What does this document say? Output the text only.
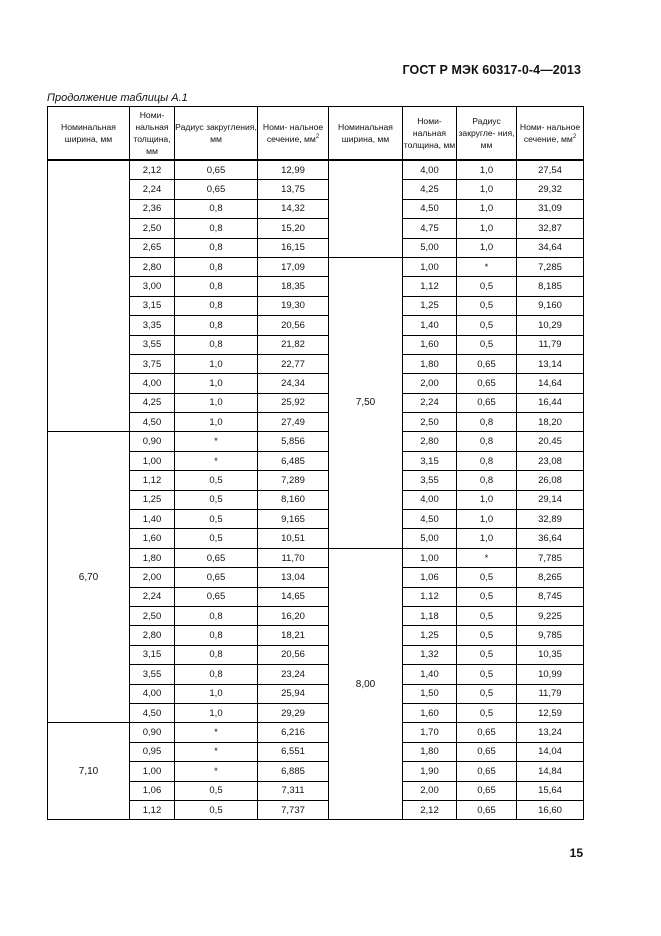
ГОСТ Р МЭК 60317-0-4—2013
Продолжение таблицы А.1
Номинальная ширина, мм	Номи- нальная толщина, мм	Радиус закругления, мм	Номи- нальное сечение, $мм^2$	Номинальная ширина, мм	Номи- нальная толщина, мм	Радиус закругле- ния, мм	Номи- нальное сечение, $мм^2$
	2,12	0,65	12,99		4,00	1,0	27,54
	2,24	0,65	13,75		4,25	1,0	29,32
	2,36	0,8	14,32		4,50	1,0	31,09
	2,50	0,8	15,20		4,75	1,0	32,87
	2,65	0,8	16,15		5,00	1,0	34,64
	2,80	0,8	17,09	7,50	1,00	*	7,285
	3,00	0,8	18,35		1,12	0,5	8,185
	3,15	0,8	19,30		1,25	0,5	9,160
	3,35	0,8	20,56		1,40	0,5	10,29
	3,55	0,8	21,82		1,60	0,5	11,79
	3,75	1,0	22,77		1,80	0,65	13,14
	4,00	1,0	24,34		2,00	0,65	14,64
	4,25	1,0	25,92		2,24	0,65	16,44
	4,50	1,0	27,49		2,50	0,8	18,20
6,70	0,90	*	5,856		2,80	0,8	20,45
	1,00	*	6,485		3,15	0,8	23,08
	1,12	0,5	7,289		3,55	0,8	26,08
	1,25	0,5	8,160		4,00	1,0	29,14
	1,40	0,5	9,165		4,50	1,0	32,89
	1,60	0,5	10,51		5,00	1,0	36,64
	1,80	0,65	11,70	8,00	1,00	*	7,785
	2,00	0,65	13,04		1,06	0,5	8,265
	2,24	0,65	14,65		1,12	0,5	8,745
	2,50	0,8	16,20		1,18	0,5	9,225
	2,80	0,8	18,21		1,25	0,5	9,785
	3,15	0,8	20,56		1,32	0,5	10,35
	3,55	0,8	23,24		1,40	0,5	10,99
	4,00	1,0	25,94		1,50	0,5	11,79
	4,50	1,0	29,29		1,60	0,5	12,59
7,10	0,90	*	6,216		1,70	0,65	13,24
	0,95	*	6,551		1,80	0,65	14,04
	1,00	*	6,885		1,90	0,65	14,84
	1,06	0,5	7,311		2,00	0,65	15,64
	1,12	0,5	7,737		2,12	0,65	16,60
15
